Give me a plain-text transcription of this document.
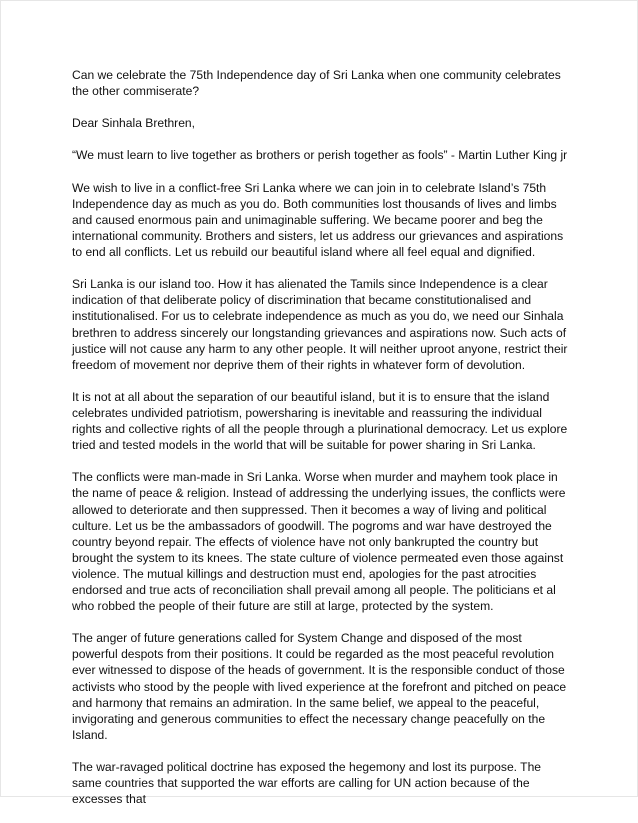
Can we celebrate the 75th Independence day of Sri Lanka when one community celebrates the other commiserate?

Dear Sinhala Brethren,

“We must learn to live together as brothers or perish together as fools” - Martin Luther King jr

We wish to live in a conflict-free Sri Lanka where we can join in to celebrate Island’s 75th Independence day as much as you do. Both communities lost thousands of lives and limbs and caused enormous pain and unimaginable suffering. We became poorer and beg the international community. Brothers and sisters, let us address our grievances and aspirations to end all conflicts. Let us rebuild our beautiful island where all feel equal and dignified.

Sri Lanka is our island too. How it has alienated the Tamils since Independence is a clear indication of that deliberate policy of discrimination that became constitutionalised and institutionalised. For us to celebrate independence as much as you do, we need our Sinhala brethren to address sincerely our longstanding grievances and aspirations now. Such acts of justice will not cause any harm to any other people. It will neither uproot anyone, restrict their freedom of movement nor deprive them of their rights in whatever form of devolution.

It is not at all about the separation of our beautiful island, but it is to ensure that the island celebrates undivided patriotism, powersharing is inevitable and reassuring the individual rights and collective rights of all the people through a plurinational democracy. Let us explore tried and tested models in the world that will be suitable for power sharing in Sri Lanka.

The conflicts were man-made in Sri Lanka. Worse when murder and mayhem took place in the name of peace & religion. Instead of addressing the underlying issues, the conflicts were allowed to deteriorate and then suppressed. Then it becomes a way of living and political culture. Let us be the ambassadors of goodwill. The pogroms and war have destroyed the country beyond repair. The effects of violence have not only bankrupted the country but brought the system to its knees. The state culture of violence permeated even those against violence. The mutual killings and destruction must end, apologies for the past atrocities endorsed and true acts of reconciliation shall prevail among all people. The politicians et al who robbed the people of their future are still at large, protected by the system.

The anger of future generations called for System Change and disposed of the most powerful despots from their positions. It could be regarded as the most peaceful revolution ever witnessed to dispose of the heads of government. It is the responsible conduct of those activists who stood by the people with lived experience at the forefront and pitched on peace and harmony that remains an admiration. In the same belief, we appeal to the peaceful, invigorating and generous communities to effect the necessary change peacefully on the Island.

The war-ravaged political doctrine has exposed the hegemony and lost its purpose. The same countries that supported the war efforts are calling for UN action because of the excesses that
